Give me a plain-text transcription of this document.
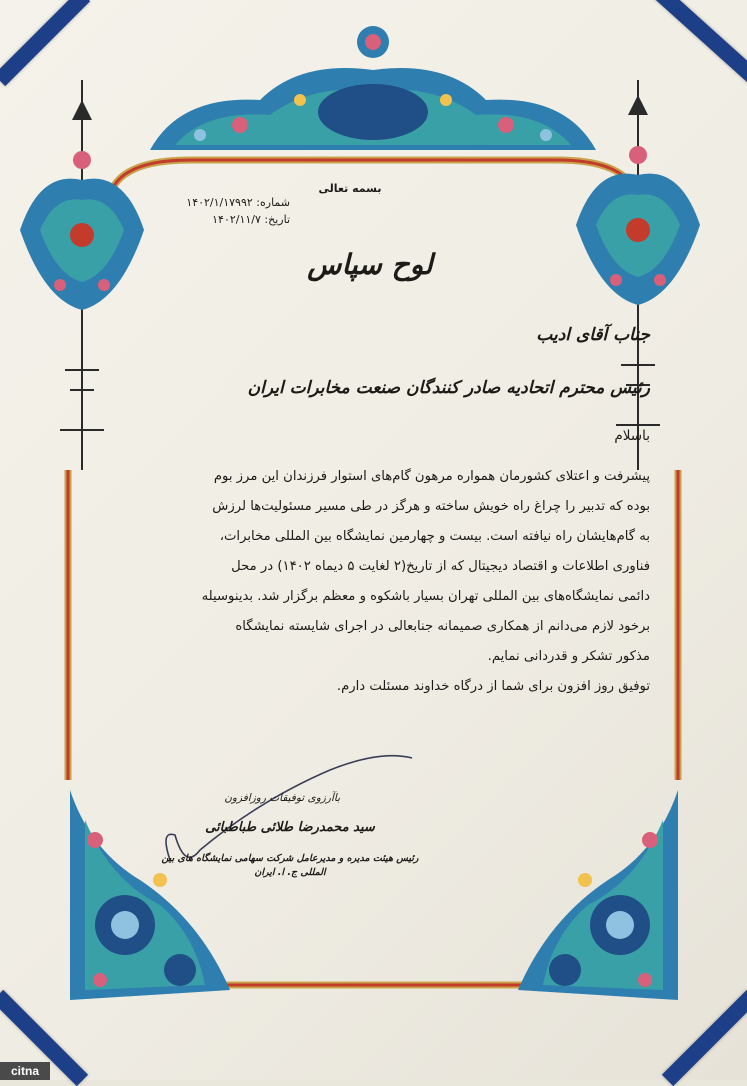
بسمه تعالی
شماره: ۱۴۰۲/۱/۱۷۹۹۲
تاریخ: ۱۴۰۲/۱۱/۷
لوح سپاس
جناب آقای ادیب
رئیس محترم اتحادیه صادر کنندگان صنعت مخابرات ایران
باسلام
پیشرفت و اعتلای کشورمان همواره مرهون گام‌های استوار فرزندان این مرز بوم
بوده که تدبیر را چراغ راه خویش ساخته و هرگز در طی مسیر مسئولیت‌ها لرزش
به گام‌هایشان راه نیافته است. بیست و چهارمین نمایشگاه بین المللی مخابرات،
فناوری اطلاعات و اقتصاد دیجیتال که از تاریخ(۲ لغایت ۵ دیماه ۱۴۰۲) در محل
دائمی نمایشگاه‌های بین المللی تهران بسیار باشکوه و معظم برگزار شد. بدینوسیله
برخود لازم می‌دانم از همکاری صمیمانه جنابعالی در اجرای شایسته نمایشگاه
مذکور تشکر و قدردانی نمایم.
توفیق روز افزون برای شما از درگاه خداوند مسئلت دارم.
باآرزوی توفیقات روزافزون
سید محمدرضا طلائی طباطبائی
رئیس هیئت مدیره و مدیرعامل شرکت سهامی نمایشگاه های بین المللی ج. ا. ایران
citna
